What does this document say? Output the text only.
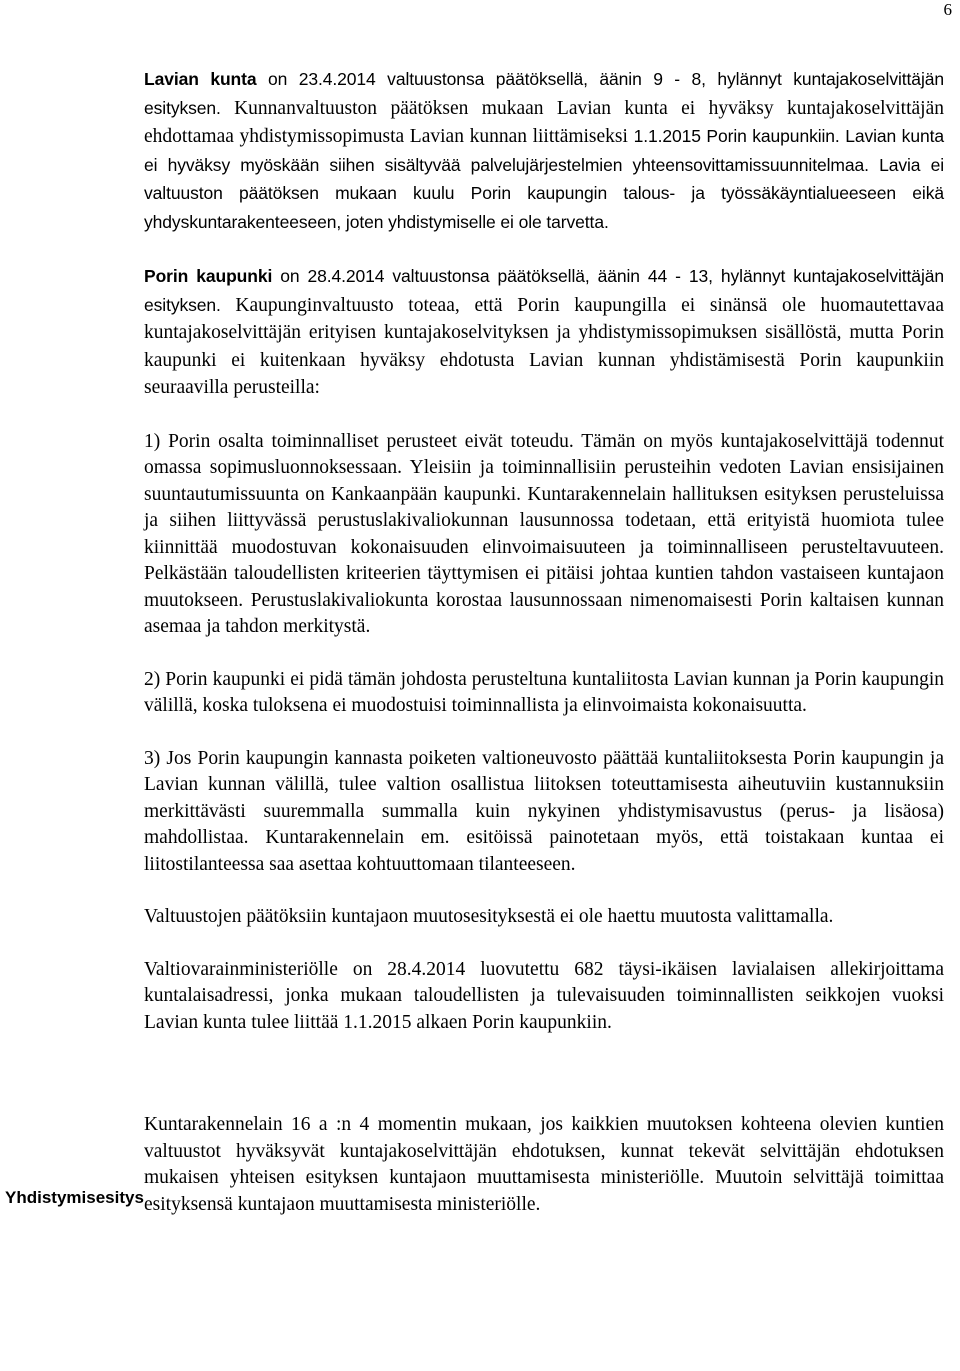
6
Yhdistymisesitys

Lavian kunta on 23.4.2014 valtuustonsa päätöksellä, äänin 9 - 8, hylännyt kuntajakoselvittäjän esityksen. Kunnanvaltuuston päätöksen mukaan Lavian kunta ei hyväksy kuntajakoselvittäjän ehdottamaa yhdistymissopimusta Lavian kunnan liittämiseksi 1.1.2015 Porin kaupunkiin. Lavian kunta ei hyväksy myöskään siihen sisältyvää palvelujärjestelmien yhteensovittamissuunnitelmaa. Lavia ei valtuuston päätöksen mukaan kuulu Porin kaupungin talous- ja työssäkäyntialueeseen eikä yhdyskuntarakenteeseen, joten yhdistymiselle ei ole tarvetta.

Porin kaupunki on 28.4.2014 valtuustonsa päätöksellä, äänin 44 - 13, hylännyt kuntajakoselvittäjän esityksen. Kaupunginvaltuusto toteaa, että Porin kaupungilla ei sinänsä ole huomautettavaa kuntajakoselvittäjän erityisen kuntajakoselvityksen ja yhdistymissopimuksen sisällöstä, mutta Porin kaupunki ei kuitenkaan hyväksy ehdotusta Lavian kunnan yhdistämisestä Porin kaupunkiin seuraavilla perusteilla:

1) Porin osalta toiminnalliset perusteet eivät toteudu. Tämän on myös kuntajakoselvittäjä todennut omassa sopimusluonnoksessaan. Yleisiin ja toiminnallisiin perusteihin vedoten Lavian ensisijainen suuntautumissuunta on Kankaanpään kaupunki. Kuntarakennelain hallituksen esityksen perusteluissa ja siihen liittyvässä perustuslakivaliokunnan lausunnossa todetaan, että erityistä huomiota tulee kiinnittää muodostuvan kokonaisuuden elinvoimaisuuteen ja toiminnalliseen perusteltavuuteen. Pelkästään taloudellisten kriteerien täyttymisen ei pitäisi johtaa kuntien tahdon vastaiseen kuntajaon muutokseen. Perustuslakivaliokunta korostaa lausunnossaan nimenomaisesti Porin kaltaisen kunnan asemaa ja tahdon merkitystä.

2) Porin kaupunki ei pidä tämän johdosta perusteltuna kuntaliitosta Lavian kunnan ja Porin kaupungin välillä, koska tuloksena ei muodostuisi toiminnallista ja elinvoimaista kokonaisuutta.

3) Jos Porin kaupungin kannasta poiketen valtioneuvosto päättää kuntaliitoksesta Porin kaupungin ja Lavian kunnan välillä, tulee valtion osallistua liitoksen toteuttamisesta aiheutuviin kustannuksiin merkittävästi suuremmalla summalla kuin nykyinen yhdistymisavustus (perus- ja lisäosa) mahdollistaa. Kuntarakennelain em. esitöissä painotetaan myös, että toistakaan kuntaa ei liitostilanteessa saa asettaa kohtuuttomaan tilanteeseen.

Valtuustojen päätöksiin kuntajaon muutosesityksestä ei ole haettu muutosta valittamalla.

Valtiovarainministeriölle on 28.4.2014 luovutettu 682 täysi-ikäisen lavialaisen allekirjoittama kuntalaisadressi, jonka mukaan taloudellisten ja tulevaisuuden toiminnallisten seikkojen vuoksi Lavian kunta tulee liittää 1.1.2015 alkaen Porin kaupunkiin.

Kuntarakennelain 16 a :n 4 momentin mukaan, jos kaikkien muutoksen kohteena olevien kuntien valtuustot hyväksyvät kuntajakoselvittäjän ehdotuksen, kunnat tekevät selvittäjän ehdotuksen mukaisen yhteisen esityksen kuntajaon muuttamisesta ministeriölle. Muutoin selvittäjä toimittaa esityksensä kuntajaon muuttamisesta ministeriölle.
